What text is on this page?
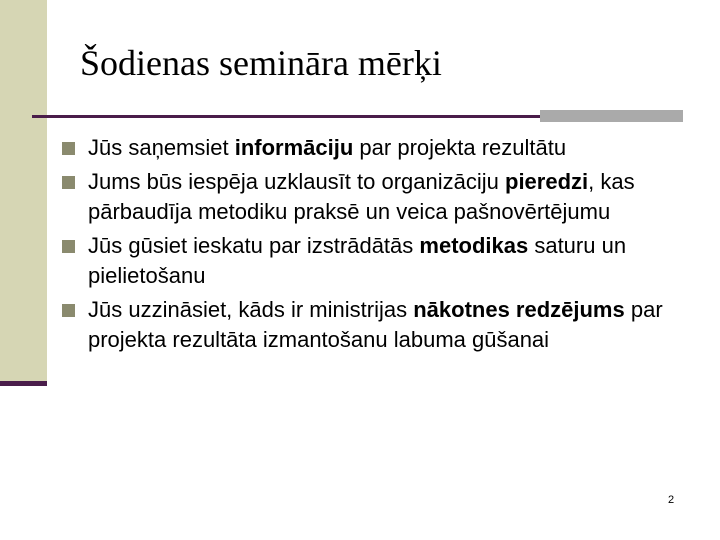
Šodienas semināra mērķi
Jūs saņemsiet informāciju par projekta rezultātu
Jums būs iespēja uzklausīt to organizāciju pieredzi, kas pārbaudīja metodiku praksē un veica pašnovērtējumu
Jūs gūsiet ieskatu par izstrādātās metodikas saturu un pielietošanu
Jūs uzzināsiet, kāds ir ministrijas nākotnes redzējums par projekta rezultāta izmantošanu labuma gūšanai
2
